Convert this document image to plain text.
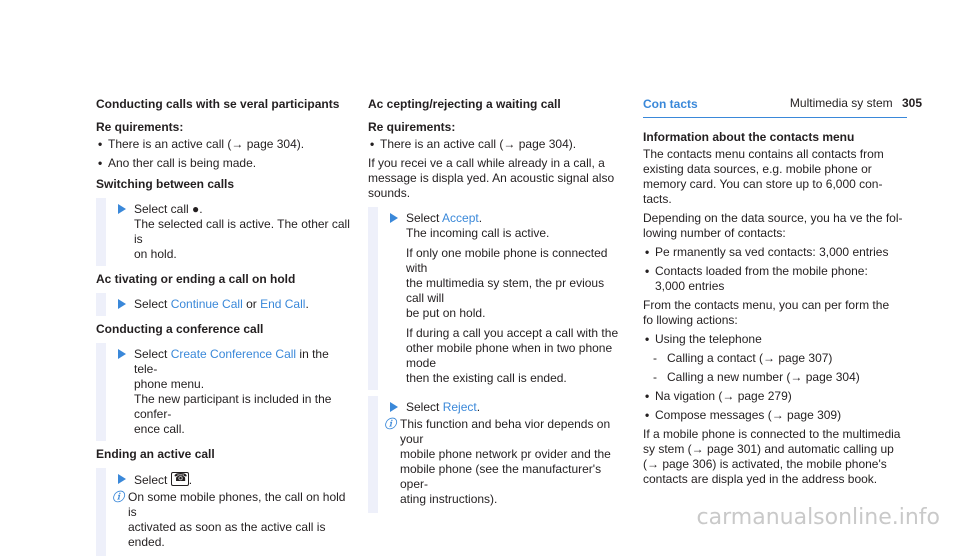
Multimedia sy stem 305
Conducting calls with se veral participants
Re quirements:
• There is an active call (→ page 304).
• Ano ther call is being made.
Switching between calls
Select call ●.
The selected call is active. The other call is
on hold.
Ac tivating or ending a call on hold
Select Continue Call or End Call.
Conducting a conference call
Select Create Conference Call in the tele-
phone menu.
The new participant is included in the confer-
ence call.
Ending an active call
Select ☎.
ⓘ On some mobile phones, the call on hold is
activated as soon as the active call is ended.
Ac cepting/rejecting a waiting call
Re quirements:
• There is an active call (→ page 304).

If you recei ve a call while already in a call, a
message is displa yed. An acoustic signal also
sounds.

Select Accept.
The incoming call is active.
If only one mobile phone is connected with
the multimedia sy stem, the pr evious call will
be put on hold.
If during a call you accept a call with the
other mobile phone when in two phone mode
then the existing call is ended.
Select Reject.
ⓘ This function and beha vior depends on your
mobile phone network pr ovider and the
mobile phone (see the manufacturer's oper-
ating instructions).
Con tacts
Information about the contacts menu

The contacts menu contains all contacts from
existing data sources, e.g. mobile phone or
memory card. You can store up to 6,000 con-
tacts.

Depending on the data source, you ha ve the fol-
lowing number of contacts:

• Pe rmanently sa ved contacts: 3,000 entries
• Contacts loaded from the mobile phone:
3,000 entries

From the contacts menu, you can per form the
fo llowing actions:

• Using the telephone
- Calling a contact (→ page 307)
- Calling a new number (→ page 304)
• Na vigation (→ page 279)
• Compose messages (→ page 309)

If a mobile phone is connected to the multimedia
sy stem (→ page 301) and automatic calling up
(→ page 306) is activated, the mobile phone's
contacts are displa yed in the address book.

carmanualsonline.info
